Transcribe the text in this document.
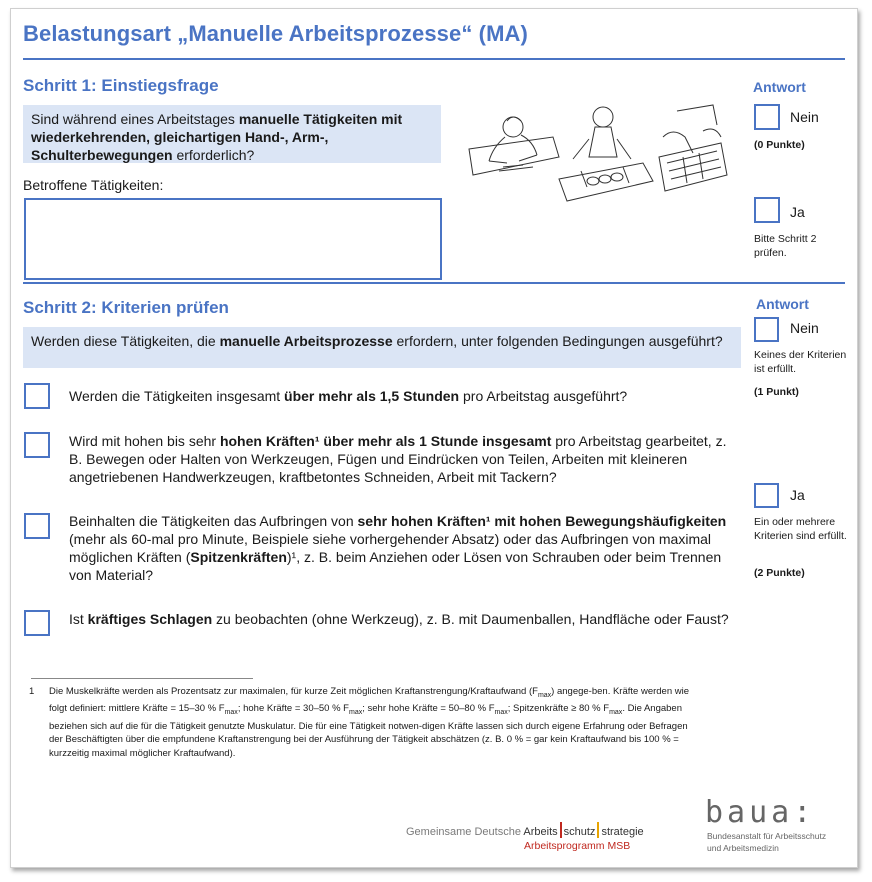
Belastungsart „Manuelle Arbeitsprozesse“ (MA)
Schritt 1: Einstiegsfrage
Sind während eines Arbeitstages manuelle Tätigkeiten mit wiederkehrenden, gleichartigen Hand-, Arm-, Schulterbewegungen erforderlich?
Betroffene Tätigkeiten:
Antwort
Nein
(0 Punkte)
Ja
Bitte Schritt 2 prüfen.
Schritt 2: Kriterien prüfen
Werden diese Tätigkeiten, die manuelle Arbeitsprozesse erfordern, unter folgenden Bedingungen ausgeführt?
Werden die Tätigkeiten insgesamt über mehr als 1,5 Stunden pro Arbeitstag ausgeführt?
Wird mit hohen bis sehr hohen Kräften¹ über mehr als 1 Stunde insgesamt pro Arbeitstag gearbeitet, z. B. Bewegen oder Halten von Werkzeugen, Fügen und Eindrücken von Teilen, Arbeiten mit kleineren angetriebenen Handwerkzeugen, kraftbetontes Schneiden, Arbeit mit Tackern?
Beinhalten die Tätigkeiten das Aufbringen von sehr hohen Kräften¹ mit hohen Bewegungshäufigkeiten (mehr als 60-mal pro Minute, Beispiele siehe vorhergehender Absatz) oder das Aufbringen von maximal möglichen Kräften (Spitzenkräften)¹, z. B. beim Anziehen oder Lösen von Schrauben oder beim Trennen von Material?
Ist kräftiges Schlagen zu beobachten (ohne Werkzeug), z. B. mit Daumenballen, Handfläche oder Faust?
Antwort
Nein
Keines der Kriterien ist erfüllt.
(1 Punkt)
Ja
Ein oder mehrere Kriterien sind erfüllt.
(2 Punkte)
1 Die Muskelkräfte werden als Prozentsatz zur maximalen, für kurze Zeit möglichen Kraftanstrengung/Kraftaufwand $(F_{max})$ angege-ben. Kräfte werden wie folgt definiert: mittlere Kräfte = 15–30 % $F_{max}$; hohe Kräfte = 30–50 % $F_{max}$; sehr hohe Kräfte = 50–80 % $F_{max}$; Spitzenkräfte ≥ 80 % $F_{max}$. Die Angaben beziehen sich auf die für die Tätigkeit genutzte Muskulatur. Die für eine Tätigkeit notwen-digen Kräfte lassen sich durch eigene Erfahrung oder Befragen der Beschäftigten über die empfundene Kraftanstrengung bei der Ausführung der Tätigkeit abschätzen (z. B. 0 % = gar kein Kraftaufwand bis 100 % = kurzzeitig maximal möglicher Kraftaufwand).
Gemeinsame Deutsche Arbeits schutz strategie
Arbeitsprogramm MSB
baua:
Bundesanstalt für Arbeitsschutz
und Arbeitsmedizin
